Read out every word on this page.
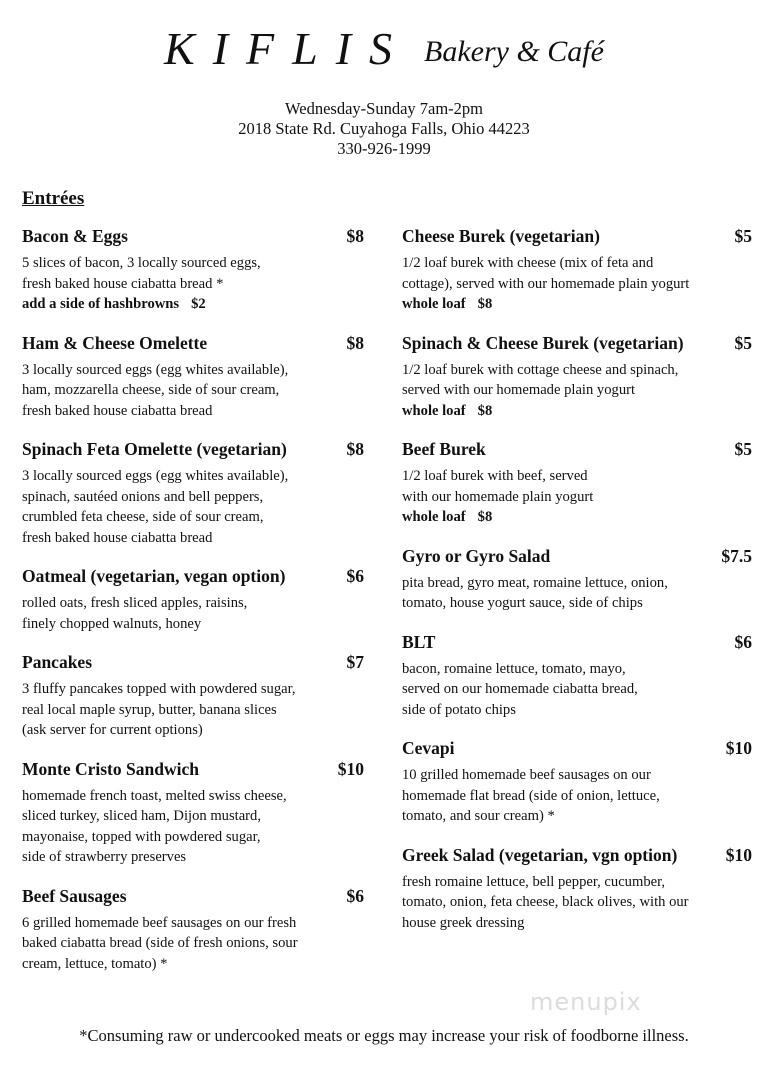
KIFLIS Bakery & Café
Wednesday-Sunday 7am-2pm
2018 State Rd. Cuyahoga Falls, Ohio 44223
330-926-1999
Entrées
Bacon & Eggs	$8
5 slices of bacon, 3 locally sourced eggs,
fresh baked house ciabatta bread *
add a side of hashbrowns $2
Ham & Cheese Omelette	$8
3 locally sourced eggs (egg whites available),
ham, mozzarella cheese, side of sour cream,
fresh baked house ciabatta bread
Spinach Feta Omelette (vegetarian)	$8
3 locally sourced eggs (egg whites available),
spinach, sautéed onions and bell peppers,
crumbled feta cheese, side of sour cream,
fresh baked house ciabatta bread
Oatmeal (vegetarian, vegan option)	$6
rolled oats, fresh sliced apples, raisins,
finely chopped walnuts, honey
Pancakes	$7
3 fluffy pancakes topped with powdered sugar,
real local maple syrup, butter, banana slices
(ask server for current options)
Monte Cristo Sandwich	$10
homemade french toast, melted swiss cheese,
sliced turkey, sliced ham, Dijon mustard,
mayonaise, topped with powdered sugar,
side of strawberry preserves
Beef Sausages	$6
6 grilled homemade beef sausages on our fresh
baked ciabatta bread (side of fresh onions, sour
cream, lettuce, tomato) *
Cheese Burek (vegetarian)	$5
1/2 loaf burek with cheese (mix of feta and
cottage), served with our homemade plain yogurt
whole loaf $8
Spinach & Cheese Burek (vegetarian)	$5
1/2 loaf burek with cottage cheese and spinach,
served with our homemade plain yogurt
whole loaf $8
Beef Burek	$5
1/2 loaf burek with beef, served
with our homemade plain yogurt
whole loaf $8
Gyro or Gyro Salad	$7.5
pita bread, gyro meat, romaine lettuce, onion,
tomato, house yogurt sauce, side of chips
BLT	$6
bacon, romaine lettuce, tomato, mayo,
served on our homemade ciabatta bread,
side of potato chips
Cevapi	$10
10 grilled homemade beef sausages on our
homemade flat bread (side of onion, lettuce,
tomato, and sour cream) *
Greek Salad (vegetarian, vgn option)	$10
fresh romaine lettuce, bell pepper, cucumber,
tomato, onion, feta cheese, black olives, with our
house greek dressing
menupix
*Consuming raw or undercooked meats or eggs may increase your risk of foodborne illness.
